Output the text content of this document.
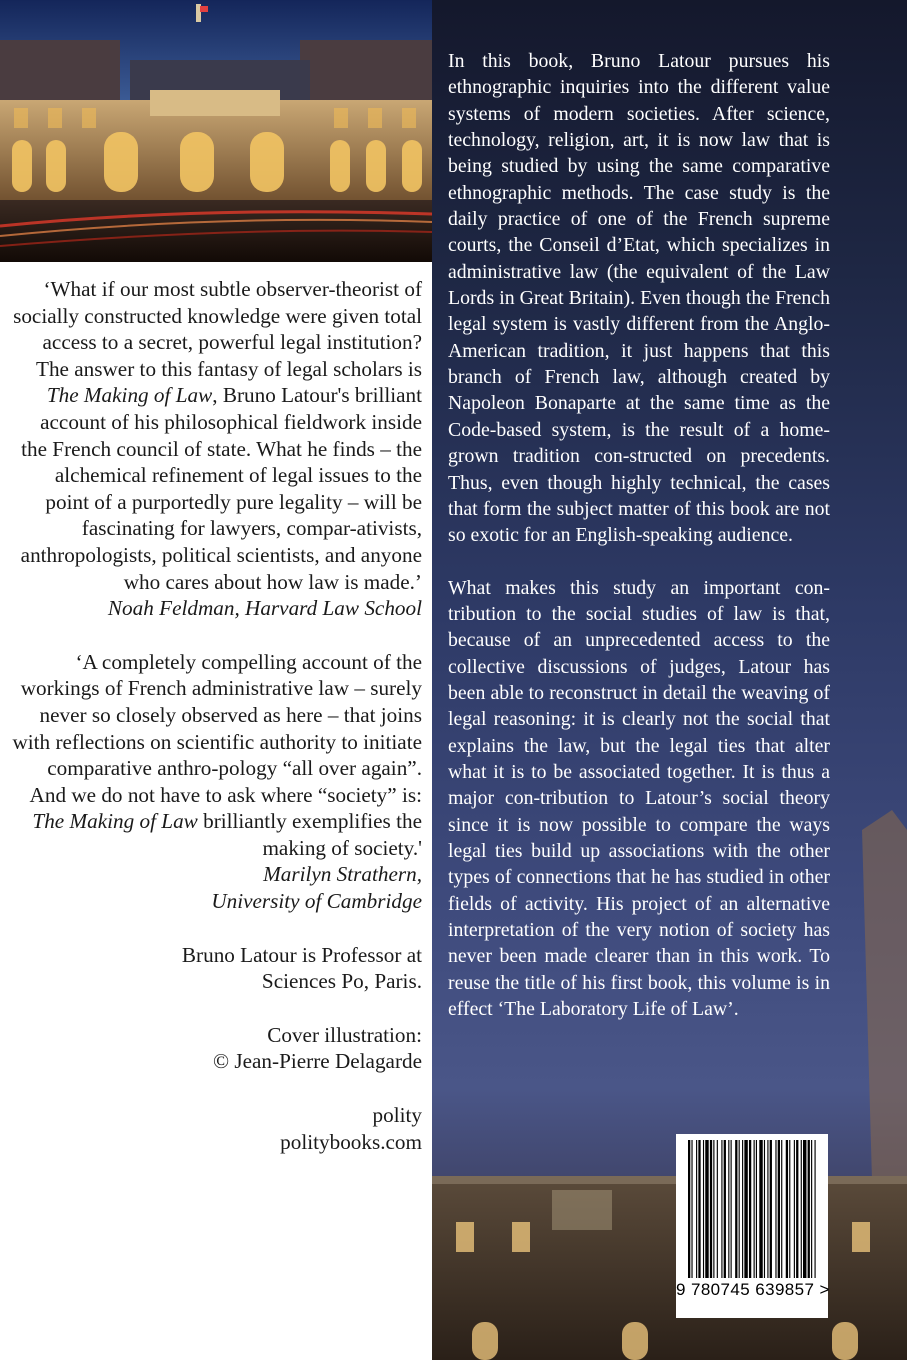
‘What if our most subtle observer-theorist of socially constructed knowledge were given total access to a secret, powerful legal institution? The answer to this fantasy of legal scholars is The Making of Law, Bruno Latour's brilliant account of his philosophical fieldwork inside the French council of state. What he finds – the alchemical refinement of legal issues to the point of a purportedly pure legality – will be fascinating for lawyers, compar-ativists, anthropologists, political scientists, and anyone who cares about how law is made.’

Noah Feldman, Harvard Law School

‘A completely compelling account of the workings of French administrative law – surely never so closely observed as here – that joins with reflections on scientific authority to initiate comparative anthro-pology “all over again”. And we do not have to ask where “society” is: The Making of Law brilliantly exemplifies the making of society.'

Marilyn Strathern,

University of Cambridge

Bruno Latour is Professor at

Sciences Po, Paris.

Cover illustration:

© Jean-Pierre Delagarde

polity

politybooks.com

In this book, Bruno Latour pursues his ethnographic inquiries into the different value systems of modern societies. After science, technology, religion, art, it is now law that is being studied by using the same comparative ethnographic methods. The case study is the daily practice of one of the French supreme courts, the Conseil d’Etat, which specializes in administrative law (the equivalent of the Law Lords in Great Britain). Even though the French legal system is vastly different from the Anglo-American tradition, it just happens that this branch of French law, although created by Napoleon Bonaparte at the same time as the Code-based system, is the result of a home-grown tradition con-structed on precedents. Thus, even though highly technical, the cases that form the subject matter of this book are not so exotic for an English-speaking audience.

What makes this study an important con-tribution to the social studies of law is that, because of an unprecedented access to the collective discussions of judges, Latour has been able to reconstruct in detail the weaving of legal reasoning: it is clearly not the social that explains the law, but the legal ties that alter what it is to be associated together. It is thus a major con-tribution to Latour’s social theory since it is now possible to compare the ways legal ties build up associations with the other types of connections that he has studied in other fields of activity. His project of an alternative interpretation of the very notion of society has never been made clearer than in this work. To reuse the title of his first book, this volume is in effect ‘The Laboratory Life of Law’.

9 780745 639857 >
